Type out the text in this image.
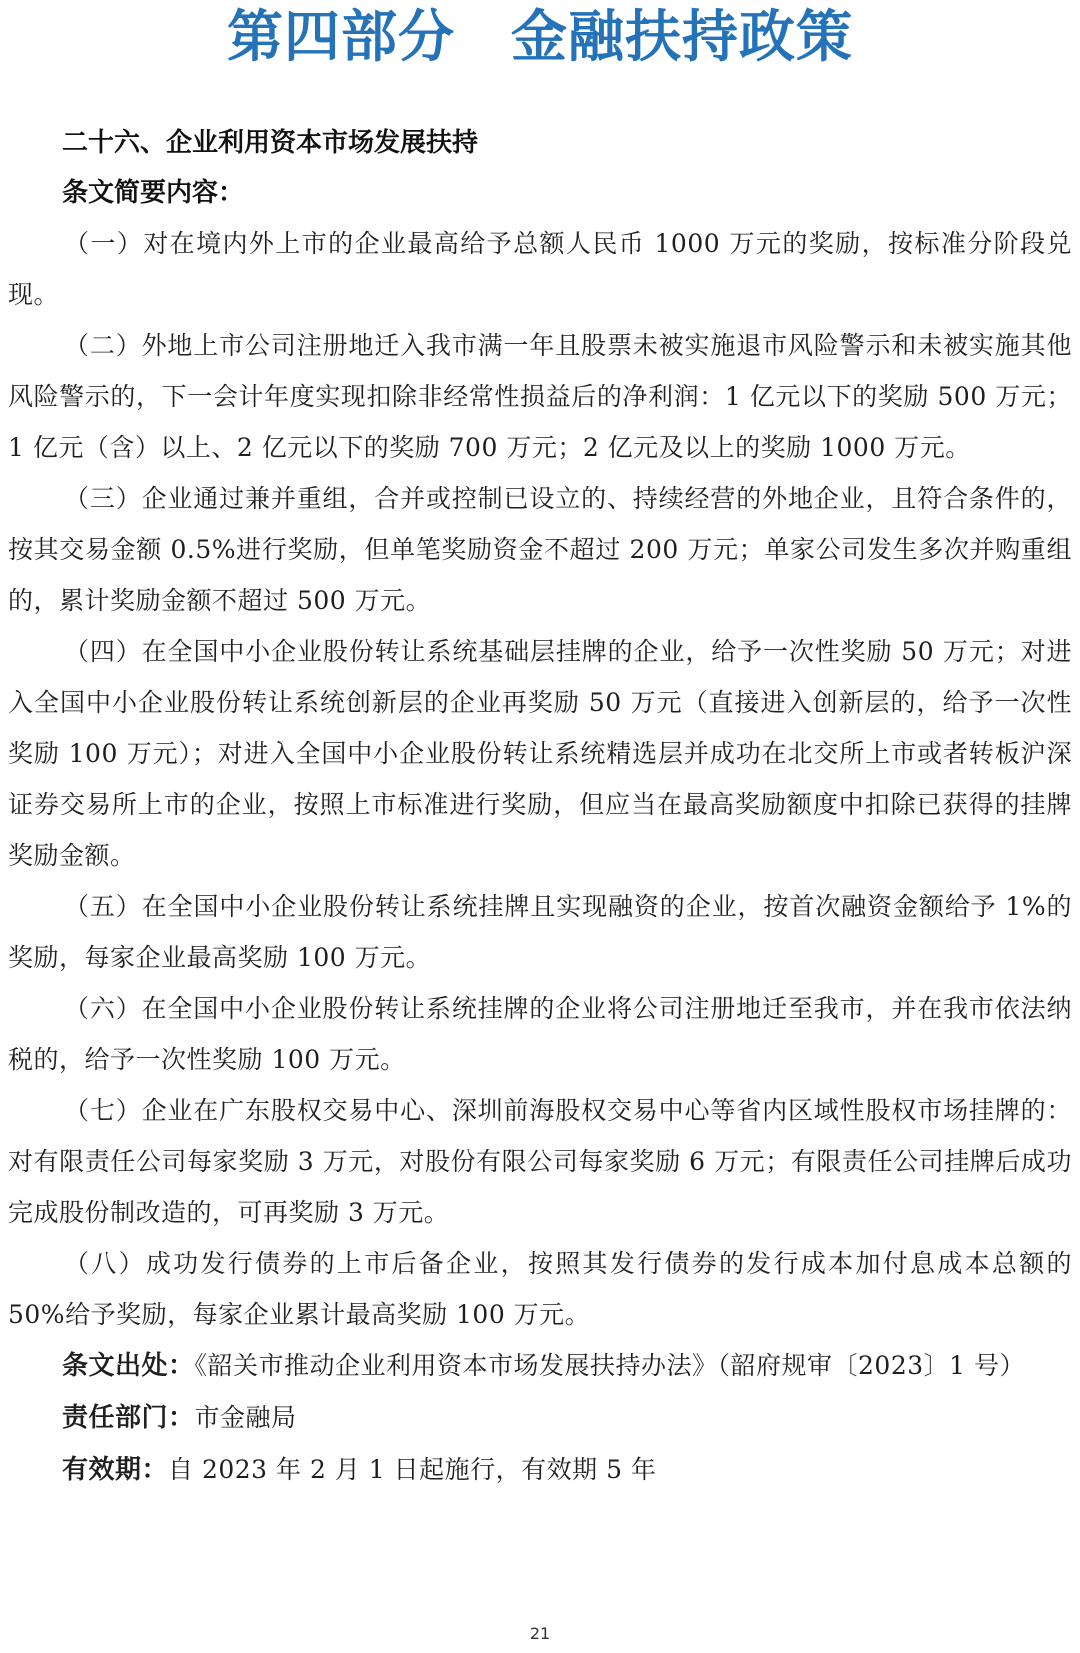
第四部分 金融扶持政策
二十六、企业利用资本市场发展扶持
条文简要内容：

（一）对在境内外上市的企业最高给予总额人民币 1000 万元的奖励，按标准分阶段兑现。

（二）外地上市公司注册地迁入我市满一年且股票未被实施退市风险警示和未被实施其他风险警示的，下一会计年度实现扣除非经常性损益后的净利润：1 亿元以下的奖励 500 万元；1 亿元（含）以上、2 亿元以下的奖励 700 万元；2 亿元及以上的奖励 1000 万元。

（三）企业通过兼并重组，合并或控制已设立的、持续经营的外地企业，且符合条件的，按其交易金额 0.5%进行奖励，但单笔奖励资金不超过 200 万元；单家公司发生多次并购重组的，累计奖励金额不超过 500 万元。

（四）在全国中小企业股份转让系统基础层挂牌的企业，给予一次性奖励 50 万元；对进入全国中小企业股份转让系统创新层的企业再奖励 50 万元（直接进入创新层的，给予一次性奖励 100 万元）；对进入全国中小企业股份转让系统精选层并成功在北交所上市或者转板沪深证券交易所上市的企业，按照上市标准进行奖励，但应当在最高奖励额度中扣除已获得的挂牌奖励金额。

（五）在全国中小企业股份转让系统挂牌且实现融资的企业，按首次融资金额给予 1%的奖励，每家企业最高奖励 100 万元。

（六）在全国中小企业股份转让系统挂牌的企业将公司注册地迁至我市，并在我市依法纳税的，给予一次性奖励 100 万元。

（七）企业在广东股权交易中心、深圳前海股权交易中心等省内区域性股权市场挂牌的：对有限责任公司每家奖励 3 万元，对股份有限公司每家奖励 6 万元；有限责任公司挂牌后成功完成股份制改造的，可再奖励 3 万元。

（八）成功发行债券的上市后备企业，按照其发行债券的发行成本加付息成本总额的 50%给予奖励，每家企业累计最高奖励 100 万元。

条文出处：《韶关市推动企业利用资本市场发展扶持办法》（韶府规审〔2023〕1 号）

责任部门：市金融局

有效期：自 2023 年 2 月 1 日起施行，有效期 5 年

21
